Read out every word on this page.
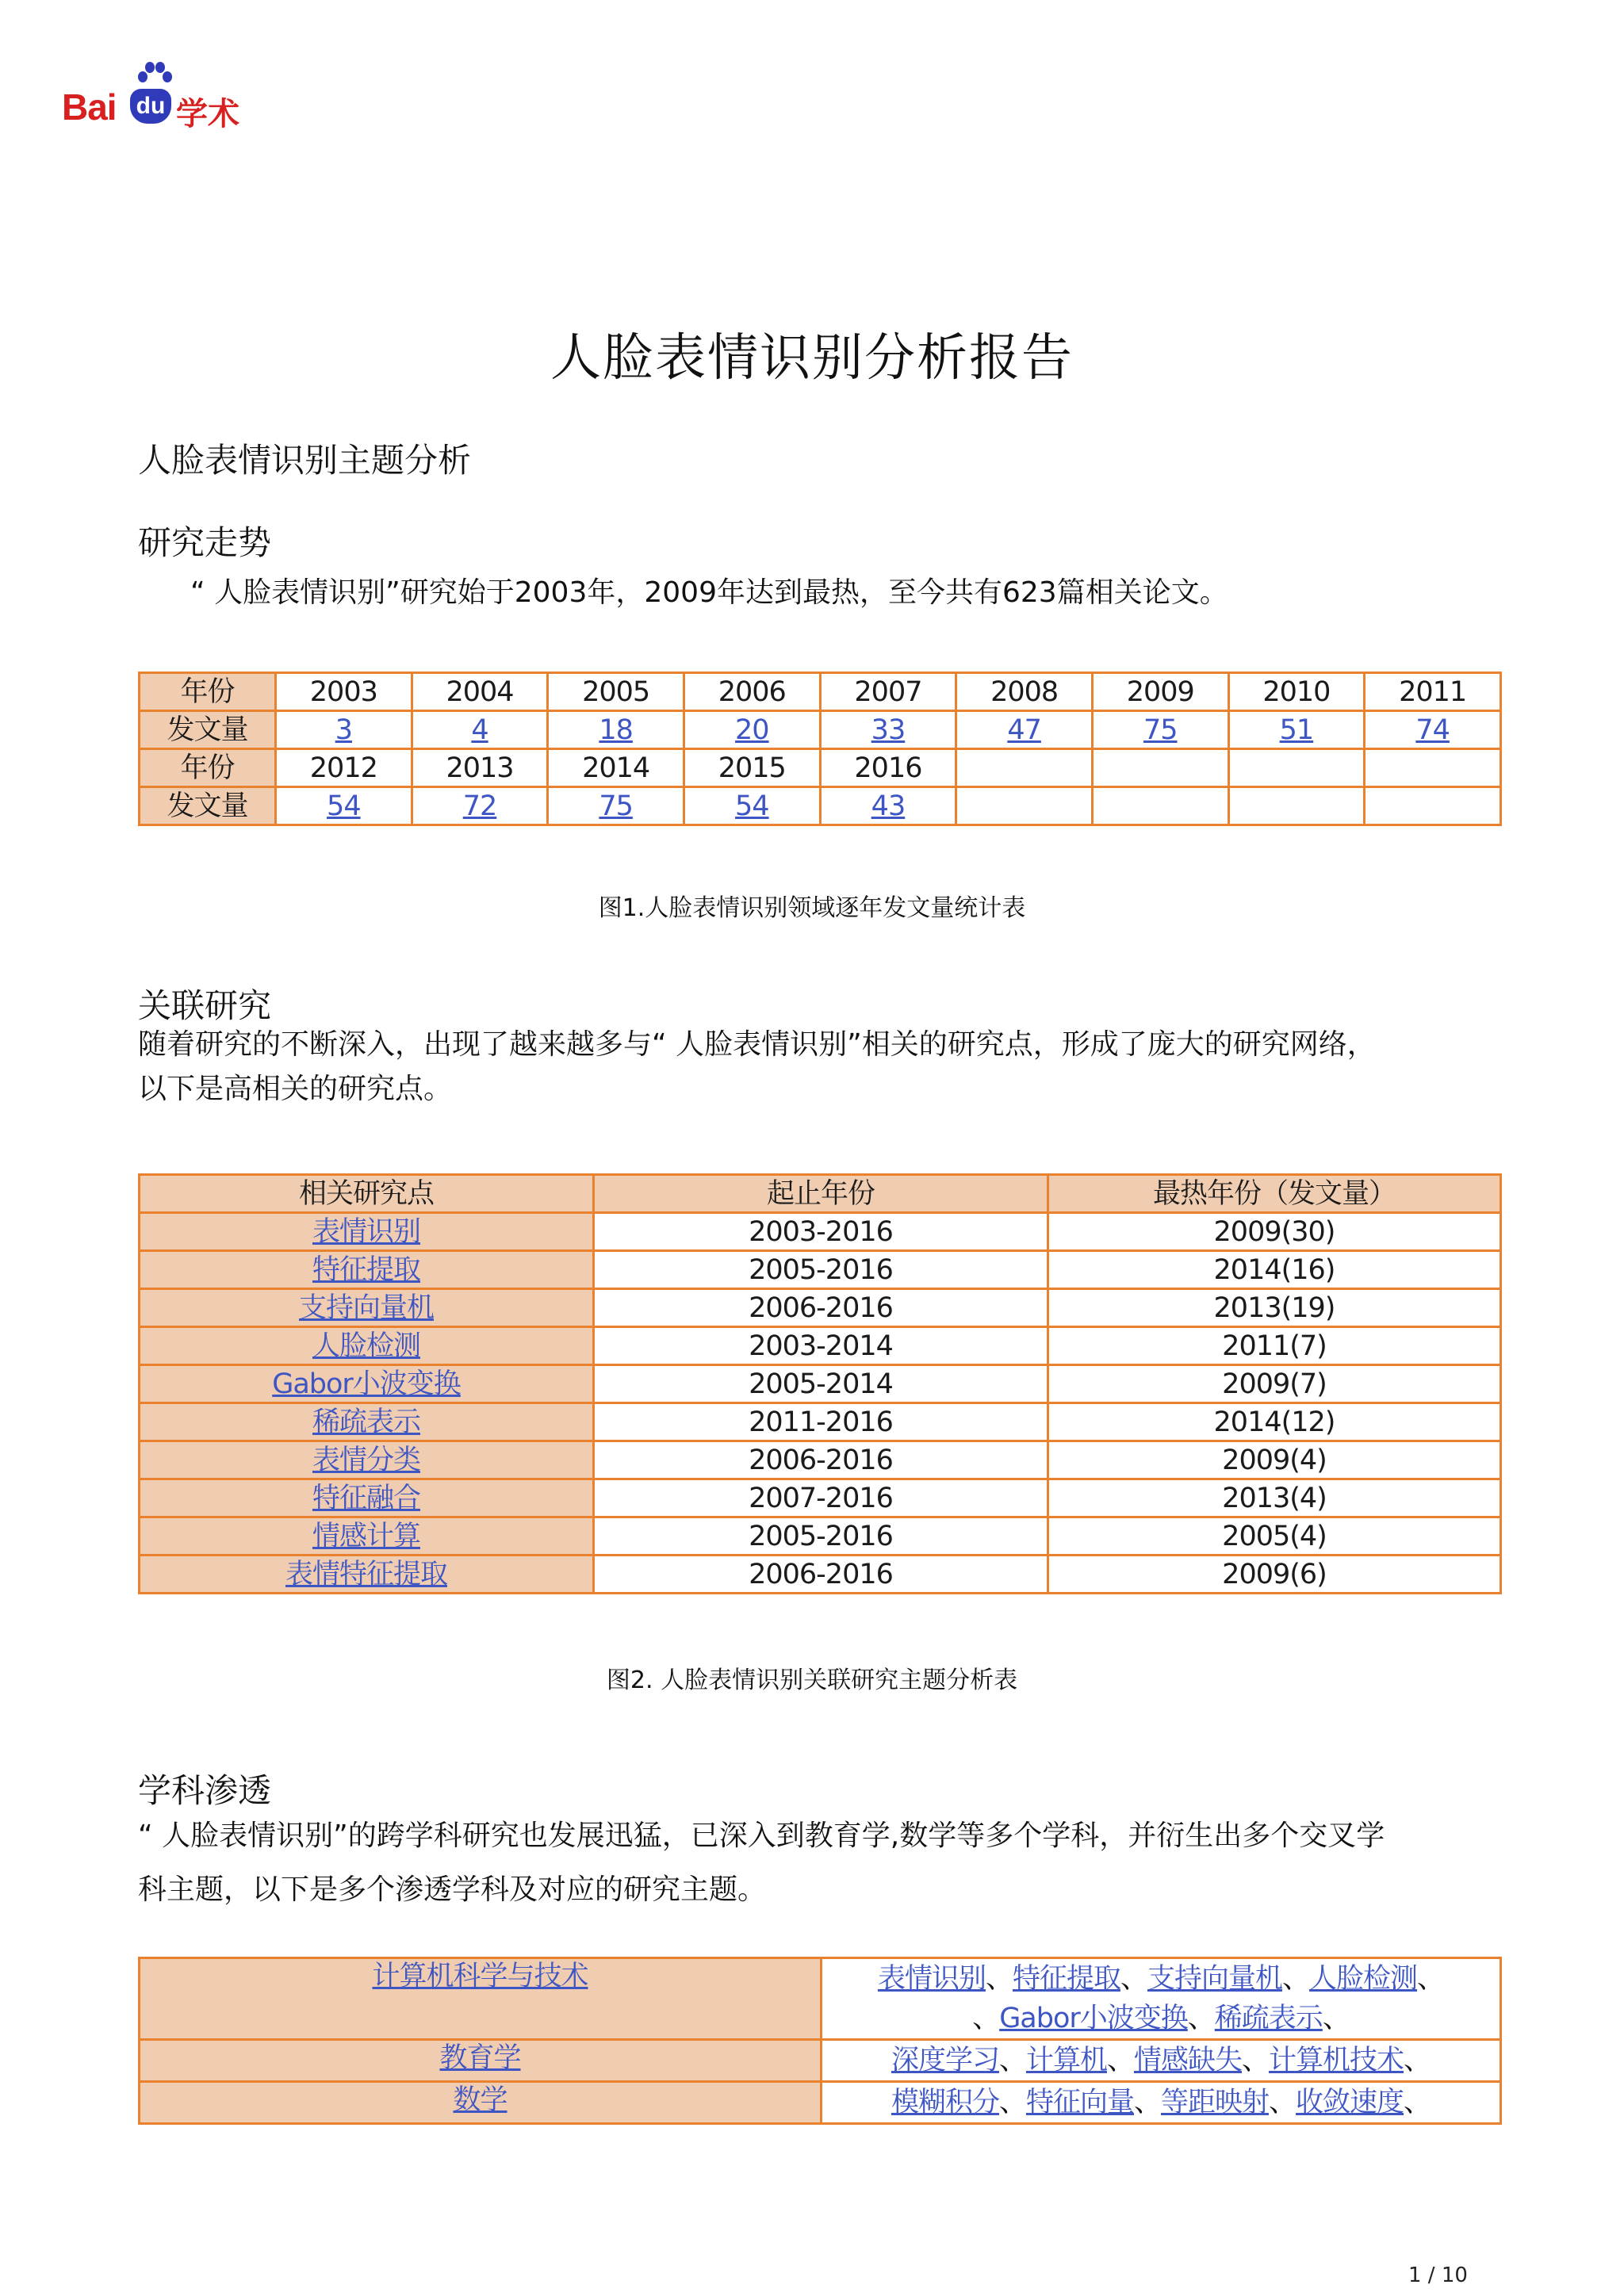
Bai du 学术
人脸表情识别分析报告
人脸表情识别主题分析
研究走势
“ 人脸表情识别”研究始于2003年，2009年达到最热，至今共有623篇相关论文。
年份	2003	2004	2005	2006	2007	2008	2009	2010	2011
发文量	3	4	18	20	33	47	75	51	74
年份	2012	2013	2014	2015	2016				
发文量	54	72	75	54	43				
图1.人脸表情识别领域逐年发文量统计表
关联研究
随着研究的不断深入，出现了越来越多与“ 人脸表情识别”相关的研究点，形成了庞大的研究网络，
以下是高相关的研究点。
相关研究点	起止年份	最热年份（发文量）
表情识别	2003-2016	2009(30)
特征提取	2005-2016	2014(16)
支持向量机	2006-2016	2013(19)
人脸检测	2003-2014	2011(7)
Gabor小波变换	2005-2014	2009(7)
稀疏表示	2011-2016	2014(12)
表情分类	2006-2016	2009(4)
特征融合	2007-2016	2013(4)
情感计算	2005-2016	2005(4)
表情特征提取	2006-2016	2009(6)
图2. 人脸表情识别关联研究主题分析表
学科渗透
“ 人脸表情识别”的跨学科研究也发展迅猛，已深入到教育学,数学等多个学科，并衍生出多个交叉学
科主题，以下是多个渗透学科及对应的研究主题。
计算机科学与技术	表情识别、特征提取、支持向量机、人脸检测、
、Gabor小波变换、稀疏表示、

教育学	深度学习、计算机、情感缺失、计算机技术、

数学	模糊积分、特征向量、等距映射、收敛速度、
1 / 10
